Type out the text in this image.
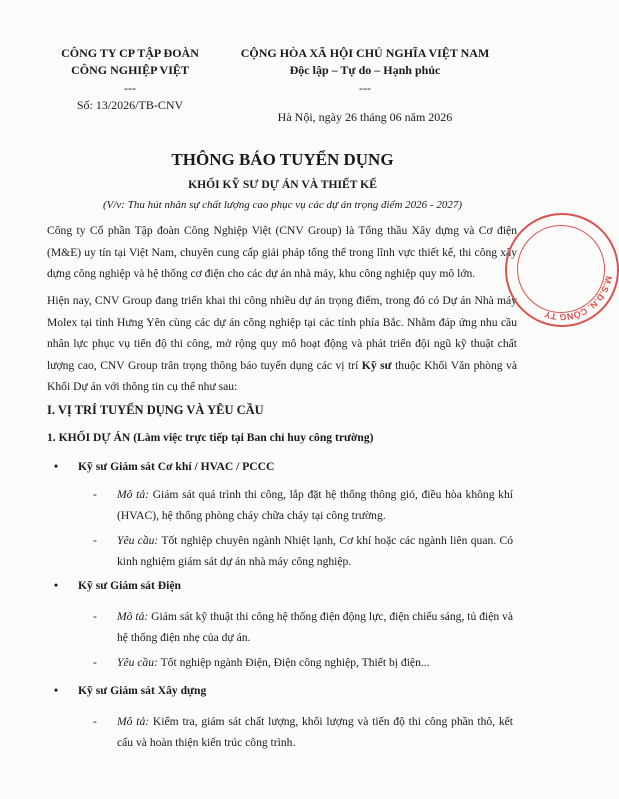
CÔNG TY CP TẬP ĐOÀN
CÔNG NGHIỆP VIỆT
---
Số: 13/2026/TB-CNV
CỘNG HÒA XÃ HỘI CHỦ NGHĨA VIỆT NAM
Độc lập – Tự do – Hạnh phúc
---
Hà Nội, ngày 26 tháng 06 năm 2026
THÔNG BÁO TUYỂN DỤNG
KHỐI KỸ SƯ DỰ ÁN VÀ THIẾT KẾ
(V/v: Thu hút nhân sự chất lượng cao phục vụ các dự án trọng điểm 2026 - 2027)
Công ty Cổ phần Tập đoàn Công Nghiệp Việt (CNV Group) là Tổng thầu Xây dựng và Cơ điện (M&E) uy tín tại Việt Nam, chuyên cung cấp giải pháp tổng thể trong lĩnh vực thiết kế, thi công xây dựng công nghiệp và hệ thống cơ điện cho các dự án nhà máy, khu công nghiệp quy mô lớn.
Hiện nay, CNV Group đang triển khai thi công nhiều dự án trọng điểm, trong đó có Dự án Nhà máy Molex tại tỉnh Hưng Yên cùng các dự án công nghiệp tại các tỉnh phía Bắc. Nhằm đáp ứng nhu cầu nhân lực phục vụ tiến độ thi công, mở rộng quy mô hoạt động và phát triển đội ngũ kỹ thuật chất lượng cao, CNV Group trân trọng thông báo tuyển dụng các vị trí Kỹ sư thuộc Khối Văn phòng và Khối Dự án với thông tin cụ thể như sau:
I. VỊ TRÍ TUYỂN DỤNG VÀ YÊU CẦU
1. KHỐI DỰ ÁN (Làm việc trực tiếp tại Ban chỉ huy công trường)
• Kỹ sư Giám sát Cơ khí / HVAC / PCCC
-	Mô tả: Giám sát quá trình thi công, lắp đặt hệ thống thông gió, điều hòa không khí (HVAC), hệ thống phòng cháy chữa cháy tại công trường.
-	Yêu cầu: Tốt nghiệp chuyên ngành Nhiệt lạnh, Cơ khí hoặc các ngành liên quan. Có kinh nghiệm giám sát dự án nhà máy công nghiệp.
• Kỹ sư Giám sát Điện
-	Mô tả: Giám sát kỹ thuật thi công hệ thống điện động lực, điện chiếu sáng, tủ điện và hệ thống điện nhẹ của dự án.
-	Yêu cầu: Tốt nghiệp ngành Điện, Điện công nghiệp, Thiết bị điện...
• Kỹ sư Giám sát Xây dựng
-	Mô tả: Kiểm tra, giám sát chất lượng, khối lượng và tiến độ thi công phần thô, kết cấu và hoàn thiện kiến trúc công trình.
M.S.D.N. CÔNG TY
